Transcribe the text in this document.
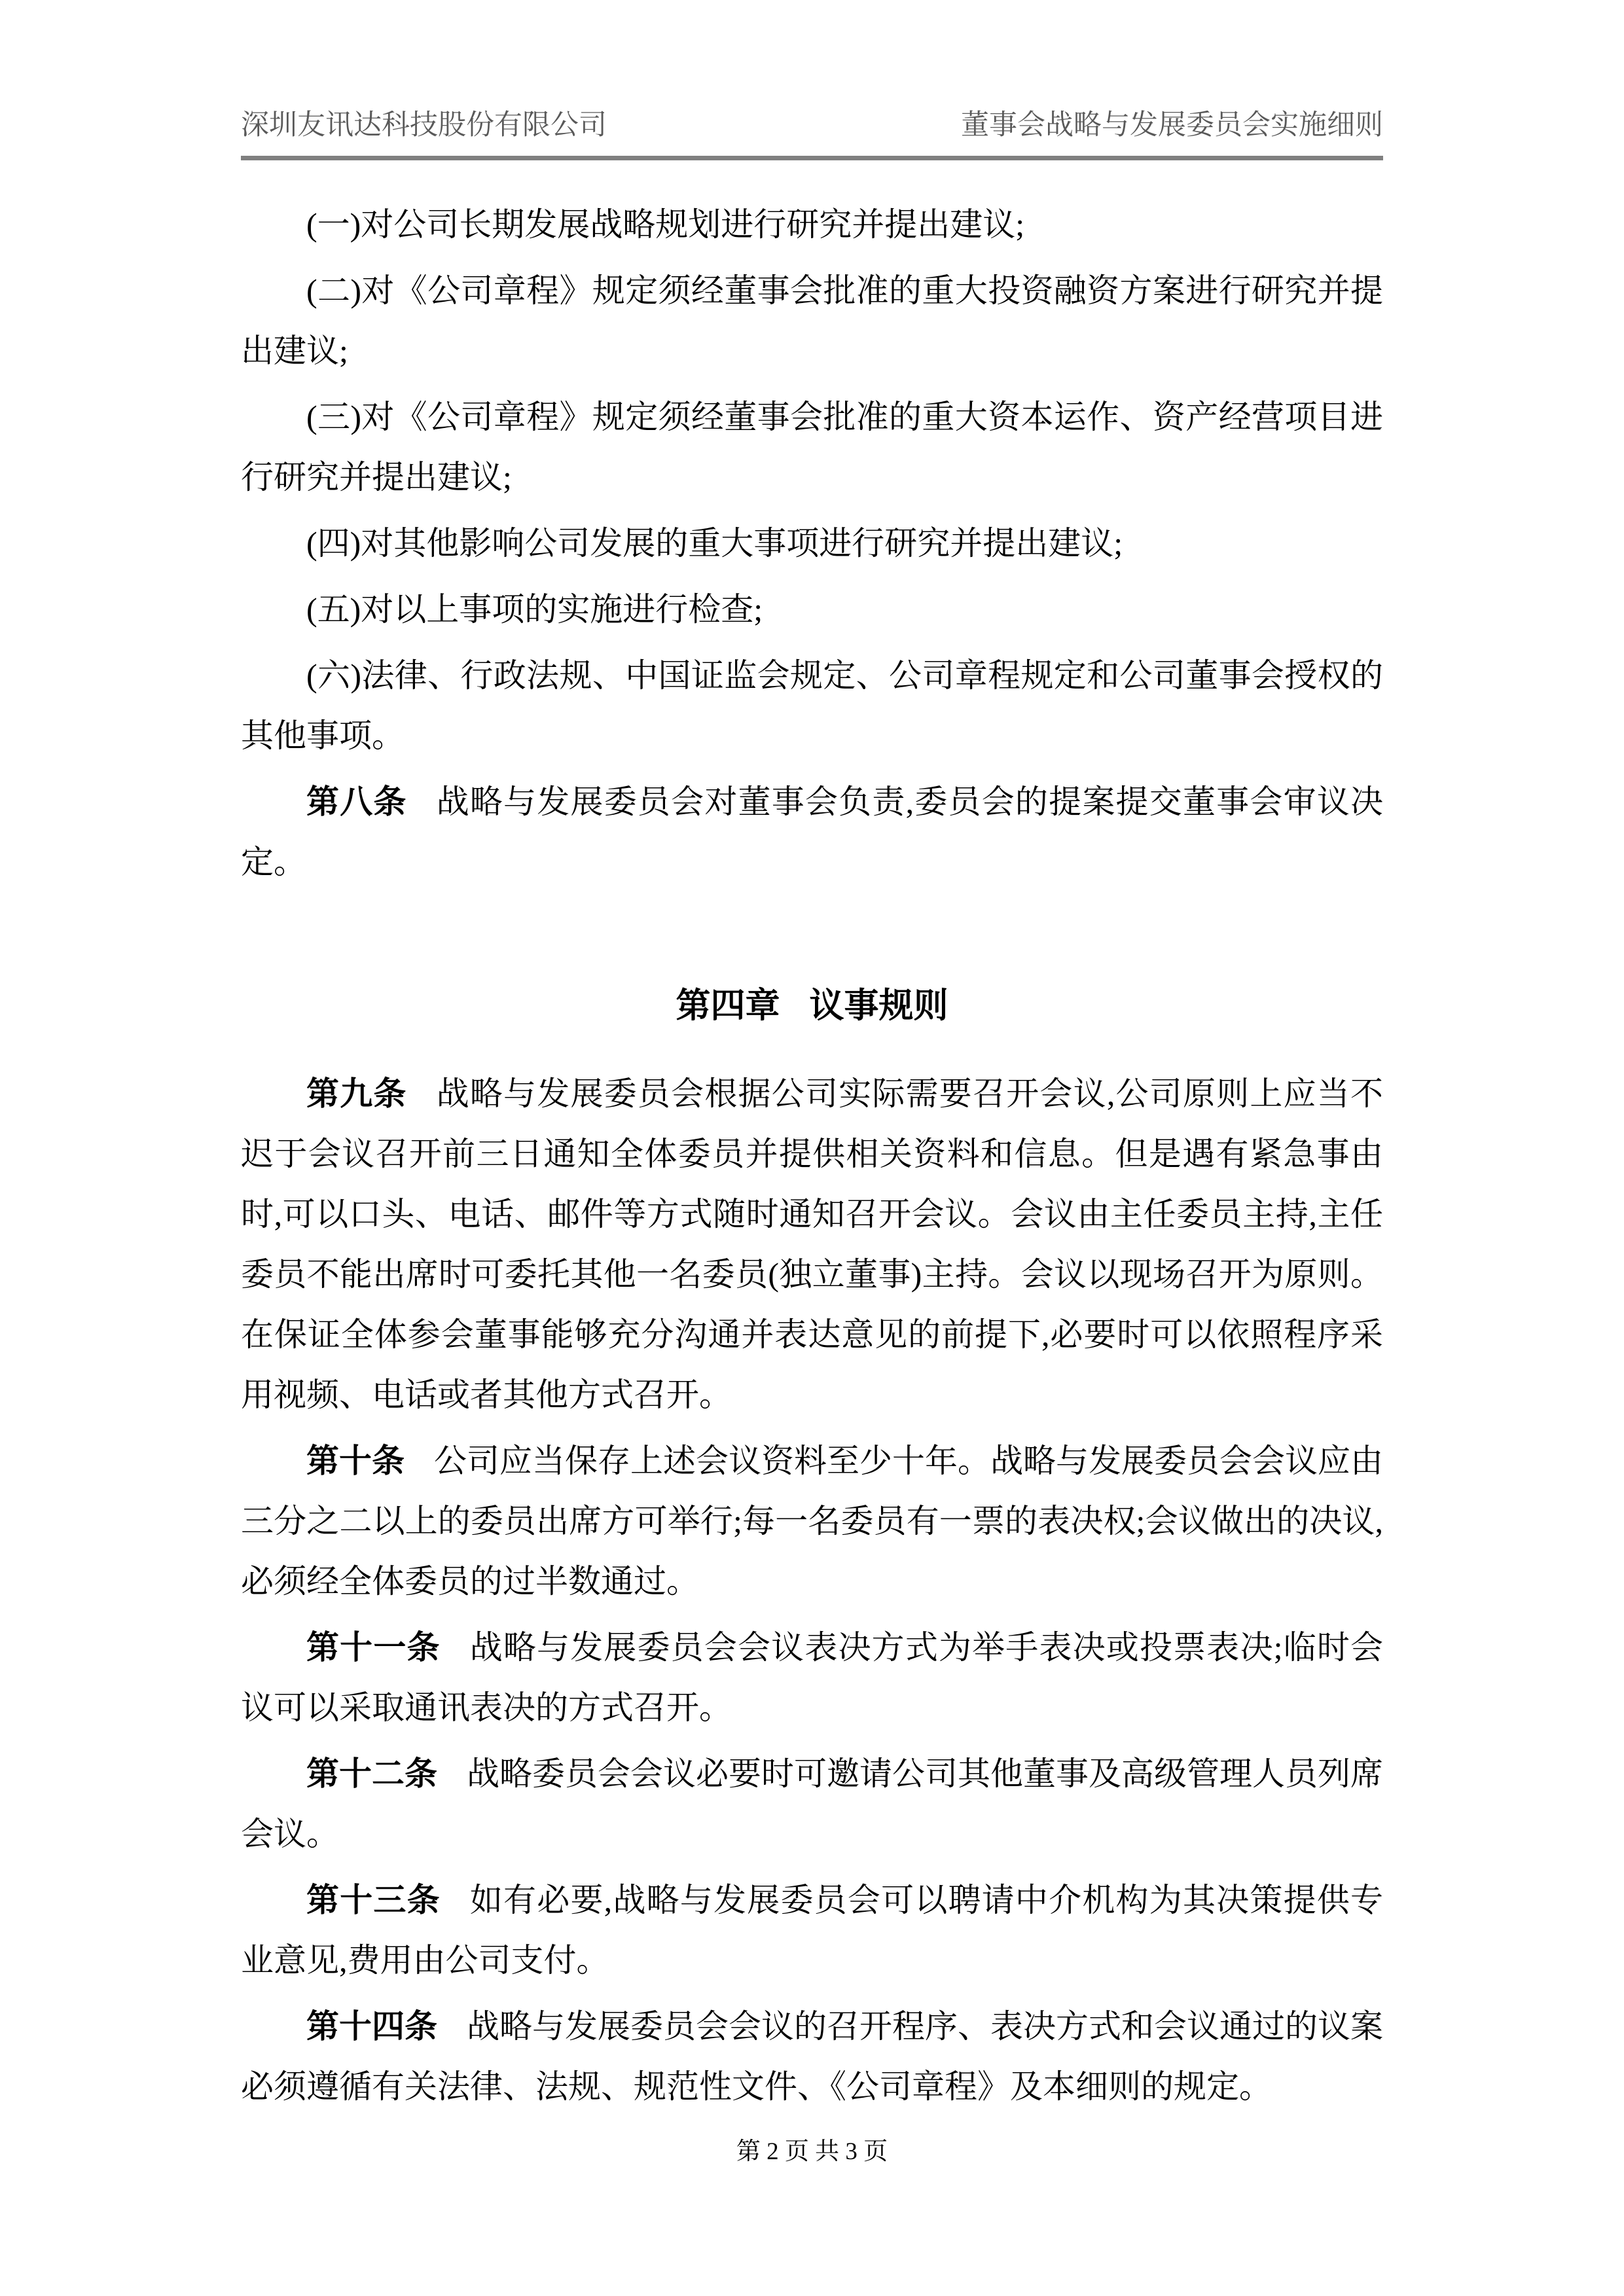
深圳友讯达科技股份有限公司	董事会战略与发展委员会实施细则

(一)对公司长期发展战略规划进行研究并提出建议;

(二)对《公司章程》规定须经董事会批准的重大投资融资方案进行研究并提出建议;

(三)对《公司章程》规定须经董事会批准的重大资本运作、资产经营项目进行研究并提出建议;

(四)对其他影响公司发展的重大事项进行研究并提出建议;

(五)对以上事项的实施进行检查;

(六)法律、行政法规、中国证监会规定、公司章程规定和公司董事会授权的其他事项。

第八条 战略与发展委员会对董事会负责,委员会的提案提交董事会审议决定。

第四章 议事规则

第九条 战略与发展委员会根据公司实际需要召开会议,公司原则上应当不迟于会议召开前三日通知全体委员并提供相关资料和信息。但是遇有紧急事由时,可以口头、电话、邮件等方式随时通知召开会议。会议由主任委员主持,主任委员不能出席时可委托其他一名委员(独立董事)主持。会议以现场召开为原则。在保证全体参会董事能够充分沟通并表达意见的前提下,必要时可以依照程序采用视频、电话或者其他方式召开。

第十条 公司应当保存上述会议资料至少十年。战略与发展委员会会议应由三分之二以上的委员出席方可举行;每一名委员有一票的表决权;会议做出的决议,必须经全体委员的过半数通过。

第十一条 战略与发展委员会会议表决方式为举手表决或投票表决;临时会议可以采取通讯表决的方式召开。

第十二条 战略委员会会议必要时可邀请公司其他董事及高级管理人员列席会议。

第十三条 如有必要,战略与发展委员会可以聘请中介机构为其决策提供专业意见,费用由公司支付。

第十四条 战略与发展委员会会议的召开程序、表决方式和会议通过的议案必须遵循有关法律、法规、规范性文件、《公司章程》及本细则的规定。

第 2 页 共 3 页
